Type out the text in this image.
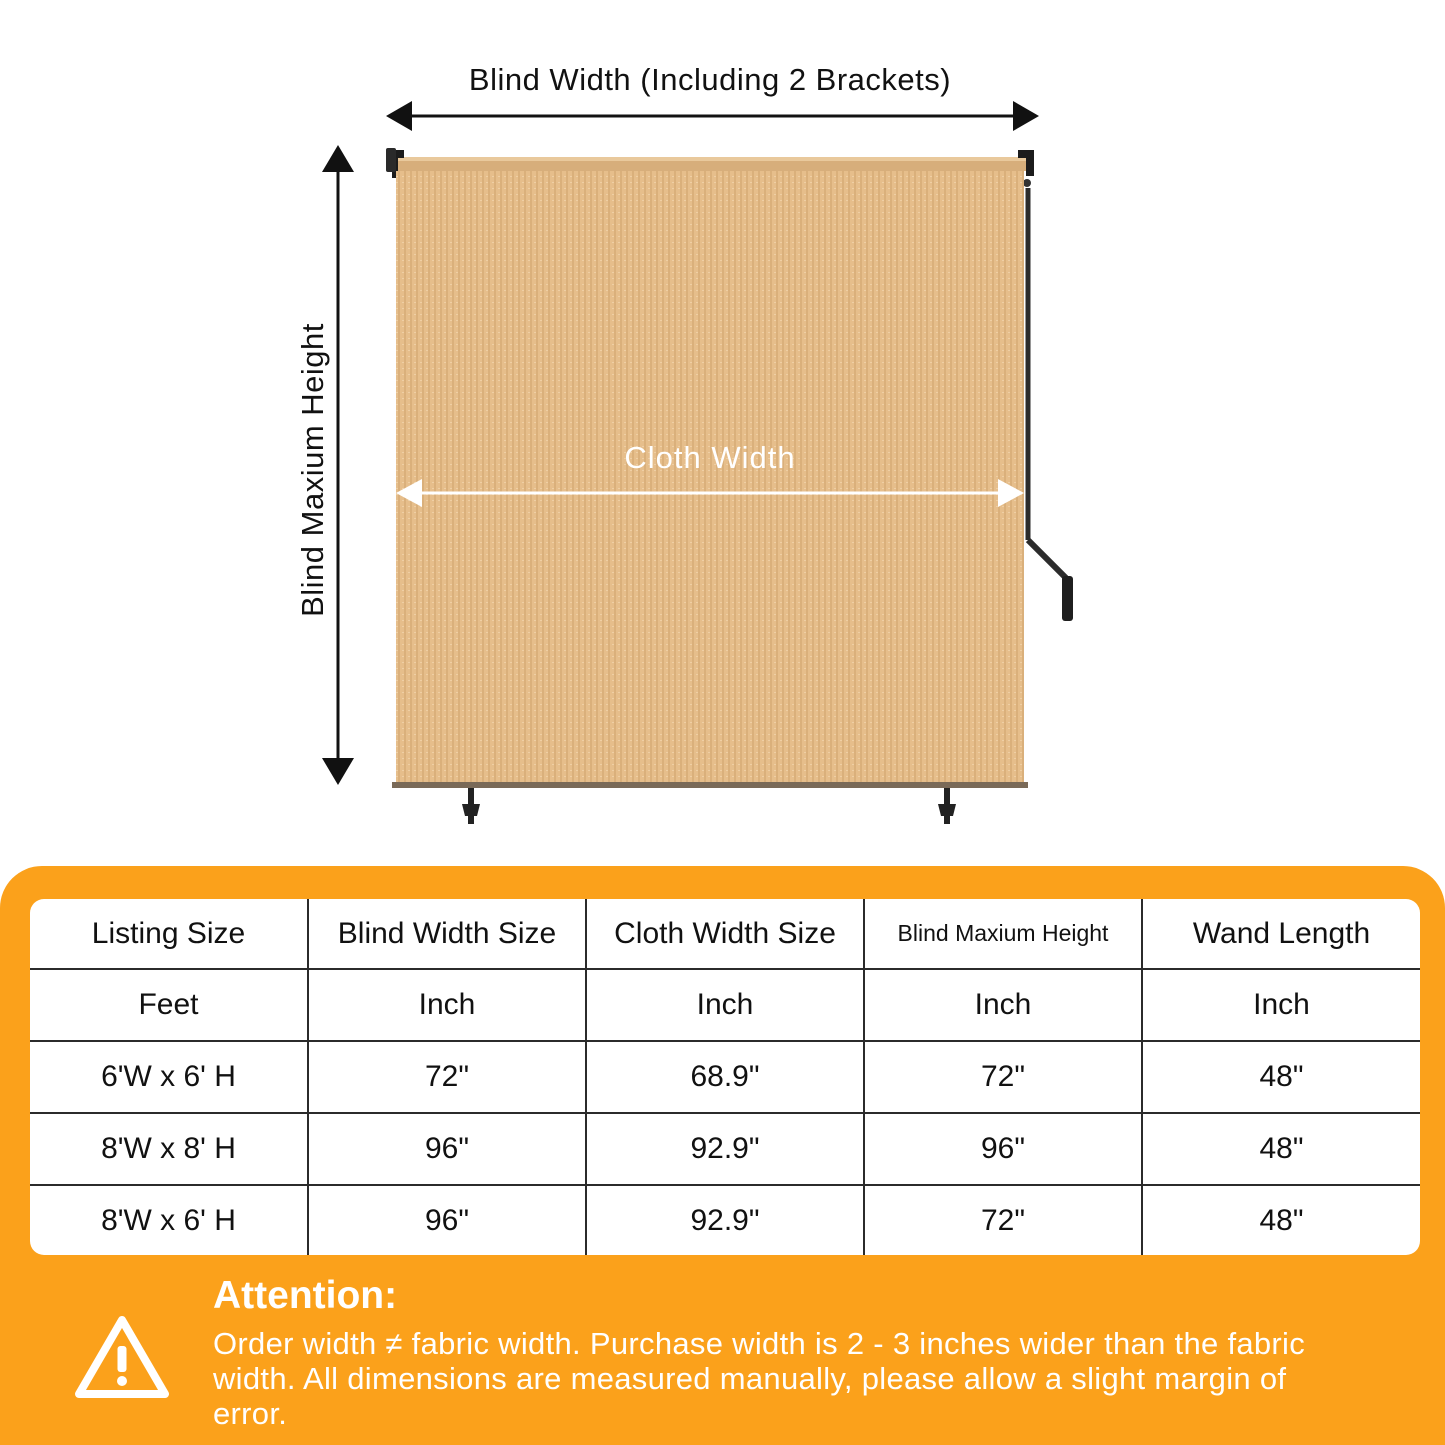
Blind Width (Including 2 Brackets)
Blind Maxium Height	Cloth Width
Listing Size	Blind Width Size	Cloth Width Size	Blind Maxium Height	Wand Length
Feet	Inch	Inch	Inch	Inch
6'W x 6' H	72"	68.9"	72"	48"
8'W x 8' H	96"	92.9"	96"	48"
8'W x 6' H	96"	92.9"	72"	48"
Attention:
Order width ≠ fabric width. Purchase width is 2 - 3 inches wider than the fabric width. All dimensions are measured manually, please allow a slight margin of error.
